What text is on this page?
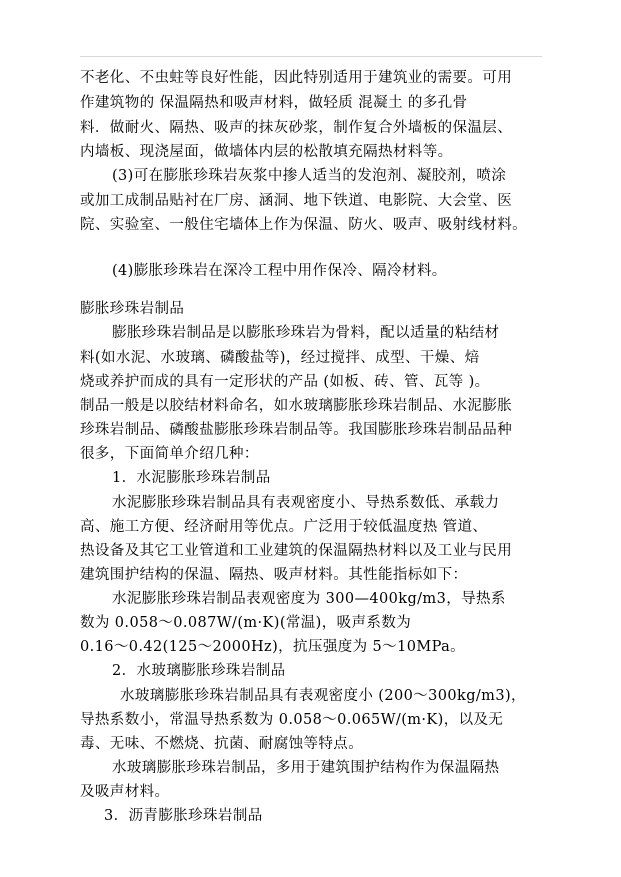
不老化、不虫蛀等良好性能，因此特别适用于建筑业的需要。可用
作建筑物的 保温隔热和吸声材料，做轻质 混凝土 的多孔骨
料．做耐火、隔热、吸声的抹灰砂浆，制作复合外墙板的保温层、
内墙板、现浇屋面，做墙体内层的松散填充隔热材料等。
(3)可在膨胀珍珠岩灰浆中掺人适当的发泡剂、凝胶剂，喷涂
或加工成制品贴衬在厂房、涵洞、地下铁道、电影院、大会堂、医
院、实验室、一般住宅墙体上作为保温、防火、吸声、吸射线材料。
(4)膨胀珍珠岩在深冷工程中用作保冷、隔冷材料。
膨胀珍珠岩制品
膨胀珍珠岩制品是以膨胀珍珠岩为骨料，配以适量的粘结材
料(如水泥、水玻璃、磷酸盐等)，经过搅拌、成型、干燥、焙
烧或养护而成的具有一定形状的产品 (如板、砖、管、瓦等 )。
制品一般是以胶结材料命名，如水玻璃膨胀珍珠岩制品、水泥膨胀
珍珠岩制品、磷酸盐膨胀珍珠岩制品等。我国膨胀珍珠岩制品品种
很多，下面简单介绍几种：
1．水泥膨胀珍珠岩制品
水泥膨胀珍珠岩制品具有表观密度小、导热系数低、承载力
高、施工方便、经济耐用等优点。广泛用于较低温度热 管道、
热设备及其它工业管道和工业建筑的保温隔热材料以及工业与民用
建筑围护结构的保温、隔热、吸声材料。其性能指标如下：
水泥膨胀珍珠岩制品表观密度为 300—400kg/m3，导热系
数为 0.058～0.087W/(m·K)(常温)，吸声系数为
0.16～0.42(125～2000Hz)，抗压强度为 5～10MPa。
2．水玻璃膨胀珍珠岩制品
水玻璃膨胀珍珠岩制品具有表观密度小 (200～300kg/m3)，
导热系数小，常温导热系数为 0.058～0.065W/(m·K)，以及无
毒、无味、不燃烧、抗菌、耐腐蚀等特点。
水玻璃膨胀珍珠岩制品，多用于建筑围护结构作为保温隔热
及吸声材料。
3．沥青膨胀珍珠岩制品
